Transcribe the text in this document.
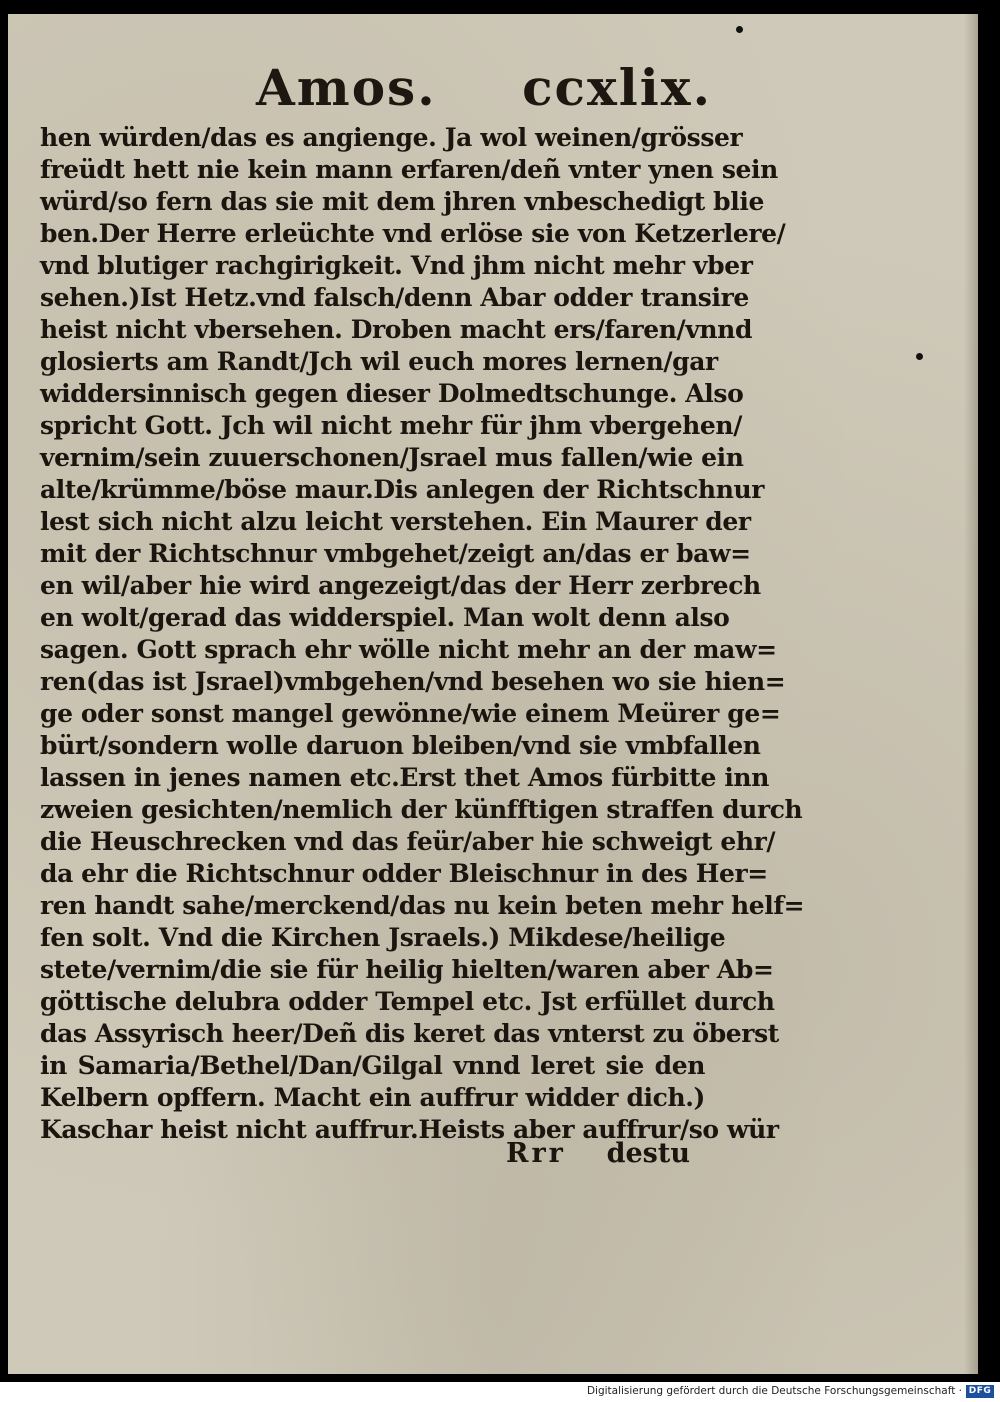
Amos. ccxlix.
hen würden/das es angienge. Ja wol weinen/grösser
freüdt hett nie kein mann erfaren/deñ vnter ynen sein
würd/so fern das sie mit dem jhren vnbeschedigt blie
ben.Der Herre erleüchte vnd erlöse sie von Ketzerlere/
vnd blutiger rachgirigkeit. Vnd jhm nicht mehr vber
sehen.)Ist Hetz.vnd falsch/denn Abar odder transire
heist nicht vbersehen. Droben macht ers/faren/vnnd
glosierts am Randt/Jch wil euch mores lernen/gar
widdersinnisch gegen dieser Dolmedtschunge. Also
spricht Gott. Jch wil nicht mehr für jhm vbergehen/
vernim/sein zuuerschonen/Jsrael mus fallen/wie ein
alte/krümme/böse maur.Dis anlegen der Richtschnur
lest sich nicht alzu leicht verstehen. Ein Maurer der
mit der Richtschnur vmbgehet/zeigt an/das er baw=
en wil/aber hie wird angezeigt/das der Herr zerbrech
en wolt/gerad das widderspiel. Man wolt denn also
sagen. Gott sprach ehr wölle nicht mehr an der maw=
ren(das ist Jsrael)vmbgehen/vnd besehen wo sie hien=
ge oder sonst mangel gewönne/wie einem Meürer ge=
bürt/sondern wolle daruon bleiben/vnd sie vmbfallen
lassen in jenes namen etc.Erst thet Amos fürbitte inn
zweien gesichten/nemlich der künfftigen straffen durch
die Heuschrecken vnd das feür/aber hie schweigt ehr/
da ehr die Richtschnur odder Bleischnur in des Her=
ren handt sahe/merckend/das nu kein beten mehr helf=
fen solt. Vnd die Kirchen Jsraels.) Mikdese/heilige
stete/vernim/die sie für heilig hielten/waren aber Ab=
göttische delubra odder Tempel etc. Jst erfüllet durch
das Assyrisch heer/Deñ dis keret das vnterst zu öberst
in Samaria/Bethel/Dan/Gilgal vnnd leret sie den
Kelbern opffern. Macht ein auffrur widder dich.)
Kaschar heist nicht auffrur.Heists aber auffrur/so wür
Rrr destu
Digitalisierung gefördert durch die Deutsche Forschungsgemeinschaft · DFG
